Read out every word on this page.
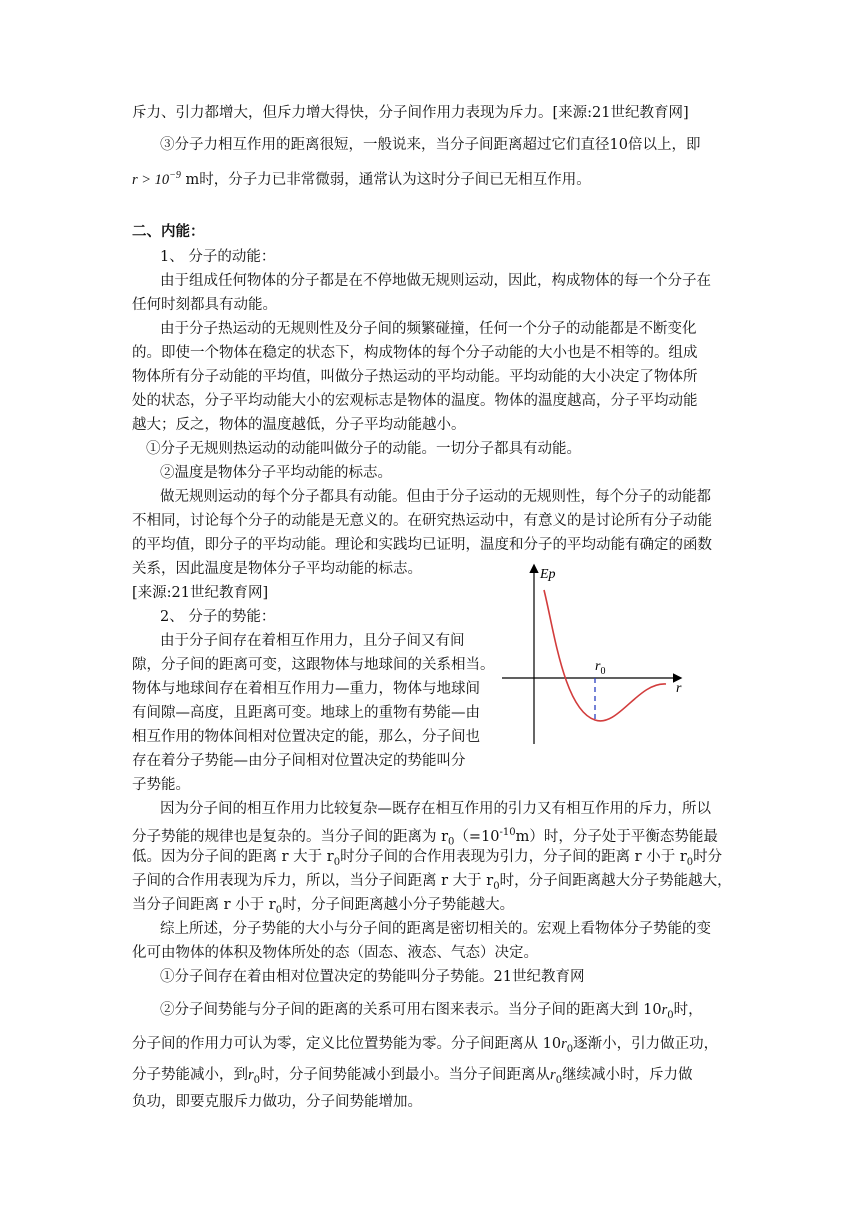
斥力、引力都增大，但斥力增大得快，分子间作用力表现为斥力。[来源:21世纪教育网]
③分子力相互作用的距离很短，一般说来，当分子间距离超过它们直径10倍以上，即
$r > 10^{-9}$ m时，分子力已非常微弱，通常认为这时分子间已无相互作用。
二、内能：
1、 分子的动能：
由于组成任何物体的分子都是在不停地做无规则运动，因此，构成物体的每一个分子在
任何时刻都具有动能。
由于分子热运动的无规则性及分子间的频繁碰撞，任何一个分子的动能都是不断变化
的。即使一个物体在稳定的状态下，构成物体的每个分子动能的大小也是不相等的。组成
物体所有分子动能的平均值，叫做分子热运动的平均动能。平均动能的大小决定了物体所
处的状态，分子平均动能大小的宏观标志是物体的温度。物体的温度越高，分子平均动能
越大；反之，物体的温度越低，分子平均动能越小。
①分子无规则热运动的动能叫做分子的动能。一切分子都具有动能。
②温度是物体分子平均动能的标志。
做无规则运动的每个分子都具有动能。但由于分子运动的无规则性，每个分子的动能都
不相同，讨论每个分子的动能是无意义的。在研究热运动中，有意义的是讨论所有分子动能
的平均值，即分子的平均动能。理论和实践均已证明，温度和分子的平均动能有确定的函数
关系，因此温度是物体分子平均动能的标志。
[来源:21世纪教育网]
2、 分子的势能：
由于分子间存在着相互作用力，且分子间又有间
隙，分子间的距离可变，这跟物体与地球间的关系相当。
物体与地球间存在着相互作用力—重力，物体与地球间
有间隙—高度，且距离可变。地球上的重物有势能—由
相互作用的物体间相对位置决定的能，那么，分子间也
存在着分子势能—由分子间相对位置决定的势能叫分
子势能。
因为分子间的相互作用力比较复杂—既存在相互作用的引力又有相互作用的斥力，所以
分子势能的规律也是复杂的。当分子间的距离为 $r_0(=10^{-10}m)$时，分子处于平衡态势能最
低。因为分子间的距离 r 大于 $r_0$时分子间的合作用表现为引力，分子间的距离 r 小于 $r_0$时分
子间的合作用表现为斥力，所以，当分子间距离 r 大于 $r_0$时，分子间距离越大分子势能越大，
当分子间距离 r 小于 $r_0$时，分子间距离越小分子势能越大。
综上所述，分子势能的大小与分子间的距离是密切相关的。宏观上看物体分子势能的变
化可由物体的体积及物体所处的态（固态、液态、气态）决定。
①分子间存在着由相对位置决定的势能叫分子势能。21世纪教育网
②分子间势能与分子间的距离的关系可用右图来表示。当分子间的距离大到 $10r_0$时，
分子间的作用力可认为零，定义比位置势能为零。分子间距离从 $10r_0$逐渐小，引力做正功，
分子势能减小，到$r_0$时，分子间势能减小到最小。当分子间距离从$r_0$继续减小时，斥力做
负功，即要克服斥力做功，分子间势能增加。
Ep
r
$r_0$
